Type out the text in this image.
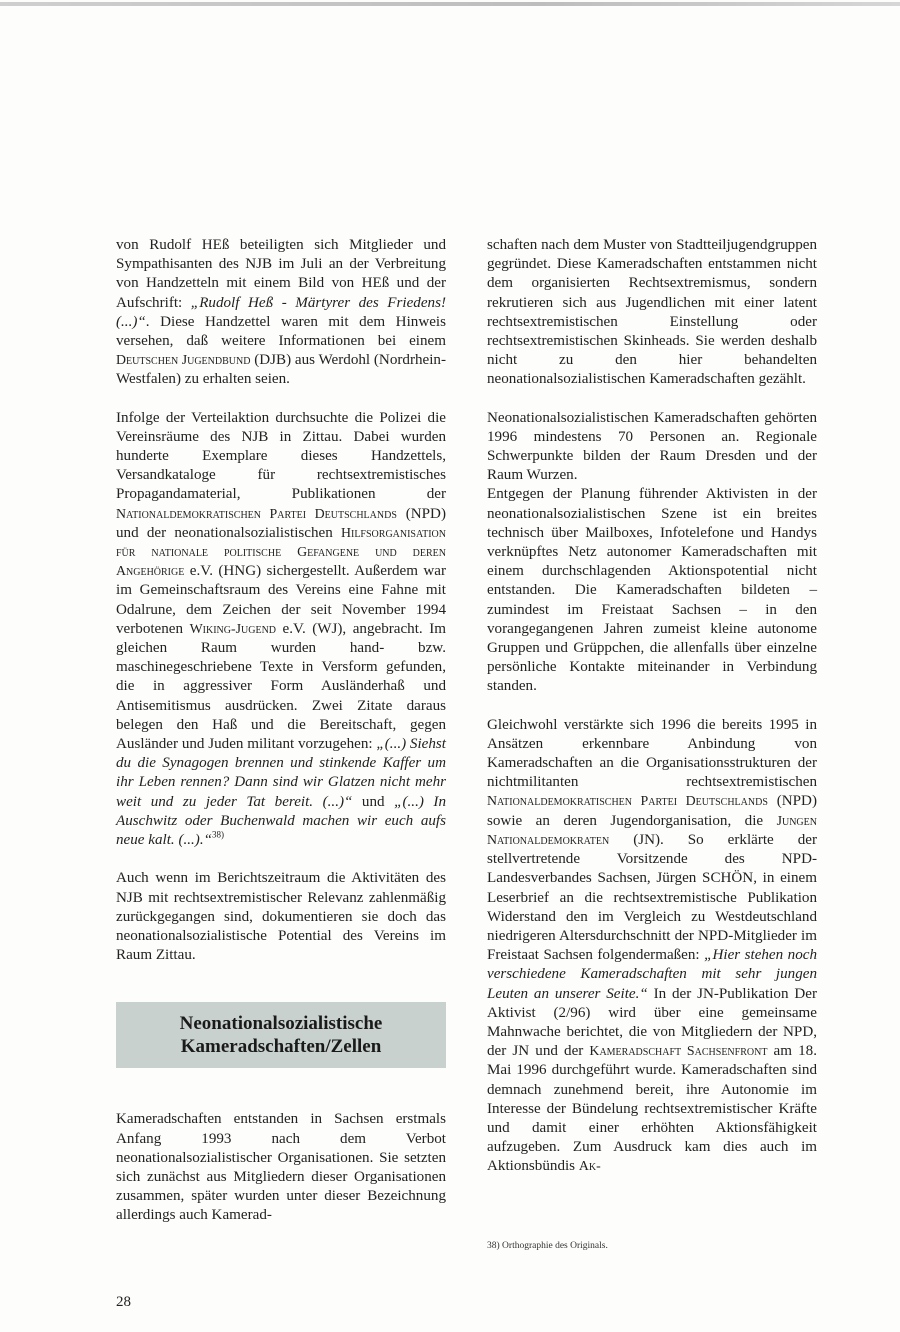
von Rudolf HEß beteiligten sich Mitglieder und Sympathisanten des NJB im Juli an der Verbreitung von Handzetteln mit einem Bild von HEß und der Aufschrift: „Rudolf Heß - Märtyrer des Friedens! (...)“. Diese Handzettel waren mit dem Hinweis versehen, daß weitere Informationen bei einem Deutschen Jugendbund (DJB) aus Werdohl (Nordrhein-Westfalen) zu erhalten seien.

Infolge der Verteilaktion durchsuchte die Polizei die Vereinsräume des NJB in Zittau. Dabei wurden hunderte Exemplare dieses Handzettels, Versandkataloge für rechtsextremistisches Propagandamaterial, Publikationen der Nationaldemokratischen Partei Deutschlands (NPD) und der neonationalsozialistischen Hilfsorganisation für nationale politische Gefangene und deren Angehörige e.V. (HNG) sichergestellt. Außerdem war im Gemeinschaftsraum des Vereins eine Fahne mit Odalrune, dem Zeichen der seit November 1994 verbotenen Wiking-Jugend e.V. (WJ), angebracht. Im gleichen Raum wurden hand- bzw. maschinegeschriebene Texte in Versform gefunden, die in aggressiver Form Ausländerhaß und Antisemitismus ausdrücken. Zwei Zitate daraus belegen den Haß und die Bereitschaft, gegen Ausländer und Juden militant vorzugehen: „(...) Siehst du die Synagogen brennen und stinkende Kaffer um ihr Leben rennen? Dann sind wir Glatzen nicht mehr weit und zu jeder Tat bereit. (...)“ und „(...) In Auschwitz oder Buchenwald machen wir euch aufs neue kalt. (...).“$^{38)}$

Auch wenn im Berichtszeitraum die Aktivitäten des NJB mit rechtsextremistischer Relevanz zahlenmäßig zurückgegangen sind, dokumentieren sie doch das neonationalsozialistische Potential des Vereins im Raum Zittau.

Neonationalsozialistische
Kameradschaften/Zellen

Kameradschaften entstanden in Sachsen erstmals Anfang 1993 nach dem Verbot neonationalsozialistischer Organisationen. Sie setzten sich zunächst aus Mitgliedern dieser Organisationen zusammen, später wurden unter dieser Bezeichnung allerdings auch Kamerad-

schaften nach dem Muster von Stadtteiljugendgruppen gegründet. Diese Kameradschaften entstammen nicht dem organisierten Rechtsextremismus, sondern rekrutieren sich aus Jugendlichen mit einer latent rechtsextremistischen Einstellung oder rechtsextremistischen Skinheads. Sie werden deshalb nicht zu den hier behandelten neonationalsozialistischen Kameradschaften gezählt.

Neonationalsozialistischen Kameradschaften gehörten 1996 mindestens 70 Personen an. Regionale Schwerpunkte bilden der Raum Dresden und der Raum Wurzen.

Entgegen der Planung führender Aktivisten in der neonationalsozialistischen Szene ist ein breites technisch über Mailboxes, Infotelefone und Handys verknüpftes Netz autonomer Kameradschaften mit einem durchschlagenden Aktionspotential nicht entstanden. Die Kameradschaften bildeten – zumindest im Freistaat Sachsen – in den vorangegangenen Jahren zumeist kleine autonome Gruppen und Grüppchen, die allenfalls über einzelne persönliche Kontakte miteinander in Verbindung standen.

Gleichwohl verstärkte sich 1996 die bereits 1995 in Ansätzen erkennbare Anbindung von Kameradschaften an die Organisationsstrukturen der nichtmilitanten rechtsextremistischen Nationaldemokratischen Partei Deutschlands (NPD) sowie an deren Jugendorganisation, die Jungen Nationaldemokraten (JN). So erklärte der stellvertretende Vorsitzende des NPD-Landesverbandes Sachsen, Jürgen SCHÖN, in einem Leserbrief an die rechtsextremistische Publikation Widerstand den im Vergleich zu Westdeutschland niedrigeren Altersdurchschnitt der NPD-Mitglieder im Freistaat Sachsen folgendermaßen: „Hier stehen noch verschiedene Kameradschaften mit sehr jungen Leuten an unserer Seite.“ In der JN-Publikation Der Aktivist (2/96) wird über eine gemeinsame Mahnwache berichtet, die von Mitgliedern der NPD, der JN und der Kameradschaft Sachsenfront am 18. Mai 1996 durchgeführt wurde. Kameradschaften sind demnach zunehmend bereit, ihre Autonomie im Interesse der Bündelung rechtsextremistischer Kräfte und damit einer erhöhten Aktionsfähigkeit aufzugeben. Zum Ausdruck kam dies auch im Aktionsbündis Ak-

38) Orthographie des Originals.
28
